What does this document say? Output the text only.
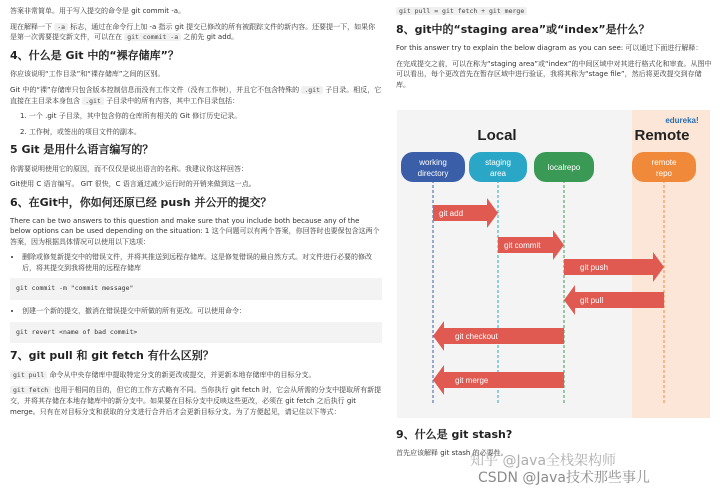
答案非常简单。用于写入提交的命令是 git commit -a。

现在解释一下 -a 标志，通过在命令行上加 -a 指示 git 提交已修改的所有被跟踪文件的新内容。还要提一下，如果你是第一次需要提交新文件，可以在在 git commit -a 之前先 git add。

4、什么是 Git 中的“裸存储库”？

你应该说明“工作目录”和“裸存储库”之间的区别。

Git 中的“裸”存储库只包含版本控制信息而没有工作文件（没有工作树），并且它不包含特殊的 .git 子目录。相反，它直接在主目录本身包含 .git 子目录中的所有内容，其中工作目录包括：

1. 一个 .git 子目录，其中包含你的仓库所有相关的 Git 修订历史记录。

2. 工作树，或签出的项目文件的副本。

5 Git 是用什么语言编写的？

你需要说明使用它的原因，而不仅仅是说出语言的名称。我建议你这样回答：

Git使用 C 语言编写。 GIT 很快，C 语言通过减少运行时的开销来做到这一点。

6、在Git中，你如何还原已经 push 并公开的提交？

There can be two answers to this question and make sure that you include both because any of the below options can be used depending on the situation: 1 这个问题可以有两个答案，你回答时也要保包含这两个答案，因为根据具体情况可以使用以下选项：

• 删除或修复新提交中的错误文件，并将其推送到远程存储库。这是修复错误的最自然方式。对文件进行必要的修改后，将其提交到我将使用的远程存储库
git commit -m "commit message"
• 创建一个新的提交，撤消在错误提交中所做的所有更改。可以使用命令：
git revert <name of bad commit>
7、git pull 和 git fetch 有什么区别？

git pull 命令从中央存储库中提取特定分支的新更改或提交，并更新本地存储库中的目标分支。

git fetch 也用于相同的目的，但它的工作方式略有不同。当你执行 git fetch 时，它会从所需的分支中提取所有新提交，并将其存储在本地存储库中的新分支中。如果要在目标分支中反映这些更改，必须在 git fetch 之后执行 git merge。只有在对目标分支和获取的分支进行合并后才会更新目标分支。为了方便起见，请记住以下等式：

git pull = git fetch + git merge
8、git中的“staging area”或“index”是什么？

For this answer try to explain the below diagram as you can see: 可以通过下面进行解释：

在完成提交之前，可以在称为“staging area”或“index”的中间区域中对其进行格式化和审查。从图中可以看出，每个更改首先在暂存区域中进行验证，我将其称为“stage file”，然后将更改提交到存储库。

edureka!
Local	Remote
working
directory
staging
area
localrepo
remote
repo
git add
git commit
git push
git pull
git checkout
git merge
9、什么是 git stash?

首先应该解释 git stash 的必要性。

知乎 @Java全栈架构师
CSDN @Java技术那些事儿
